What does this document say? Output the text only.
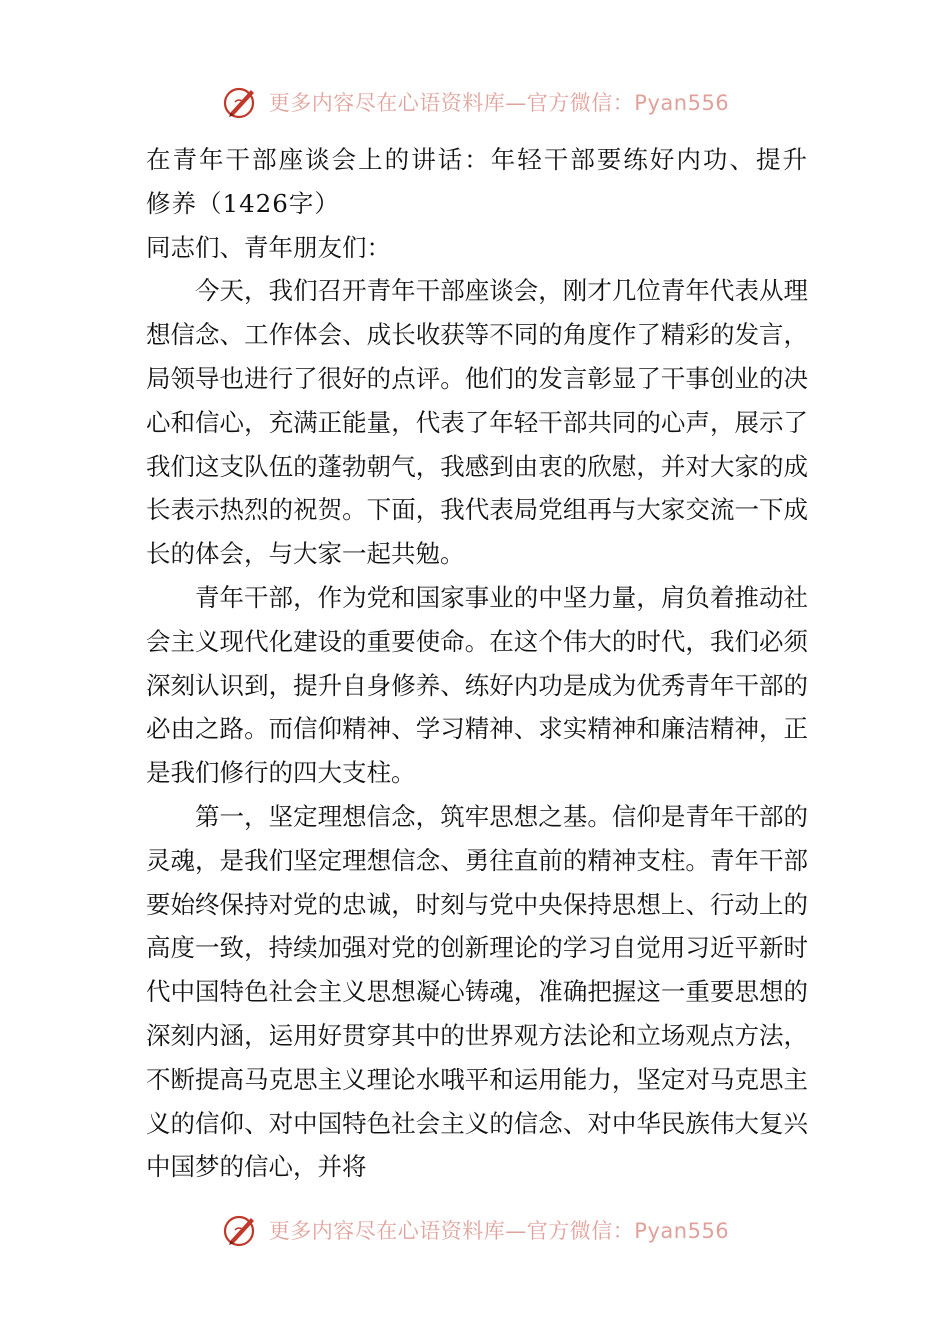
更多内容尽在心语资料库—官方微信：Pyan556

在青年干部座谈会上的讲话：年轻干部要练好内功、提升修养（1426字）

同志们、青年朋友们：

今天，我们召开青年干部座谈会，刚才几位青年代表从理想信念、工作体会、成长收获等不同的角度作了精彩的发言，局领导也进行了很好的点评。他们的发言彰显了干事创业的决心和信心，充满正能量，代表了年轻干部共同的心声，展示了我们这支队伍的蓬勃朝气，我感到由衷的欣慰，并对大家的成长表示热烈的祝贺。下面，我代表局党组再与大家交流一下成长的体会，与大家一起共勉。

青年干部，作为党和国家事业的中坚力量，肩负着推动社会主义现代化建设的重要使命。在这个伟大的时代，我们必须深刻认识到，提升自身修养、练好内功是成为优秀青年干部的必由之路。而信仰精神、学习精神、求实精神和廉洁精神，正是我们修行的四大支柱。

第一，坚定理想信念，筑牢思想之基。信仰是青年干部的灵魂，是我们坚定理想信念、勇往直前的精神支柱。青年干部要始终保持对党的忠诚，时刻与党中央保持思想上、行动上的高度一致，持续加强对党的创新理论的学习自觉用习近平新时代中国特色社会主义思想凝心铸魂，准确把握这一重要思想的深刻内涵，运用好贯穿其中的世界观方法论和立场观点方法，不断提高马克思主义理论水哦平和运用能力，坚定对马克思主义的信仰、对中国特色社会主义的信念、对中华民族伟大复兴中国梦的信心，并将

更多内容尽在心语资料库—官方微信：Pyan556
